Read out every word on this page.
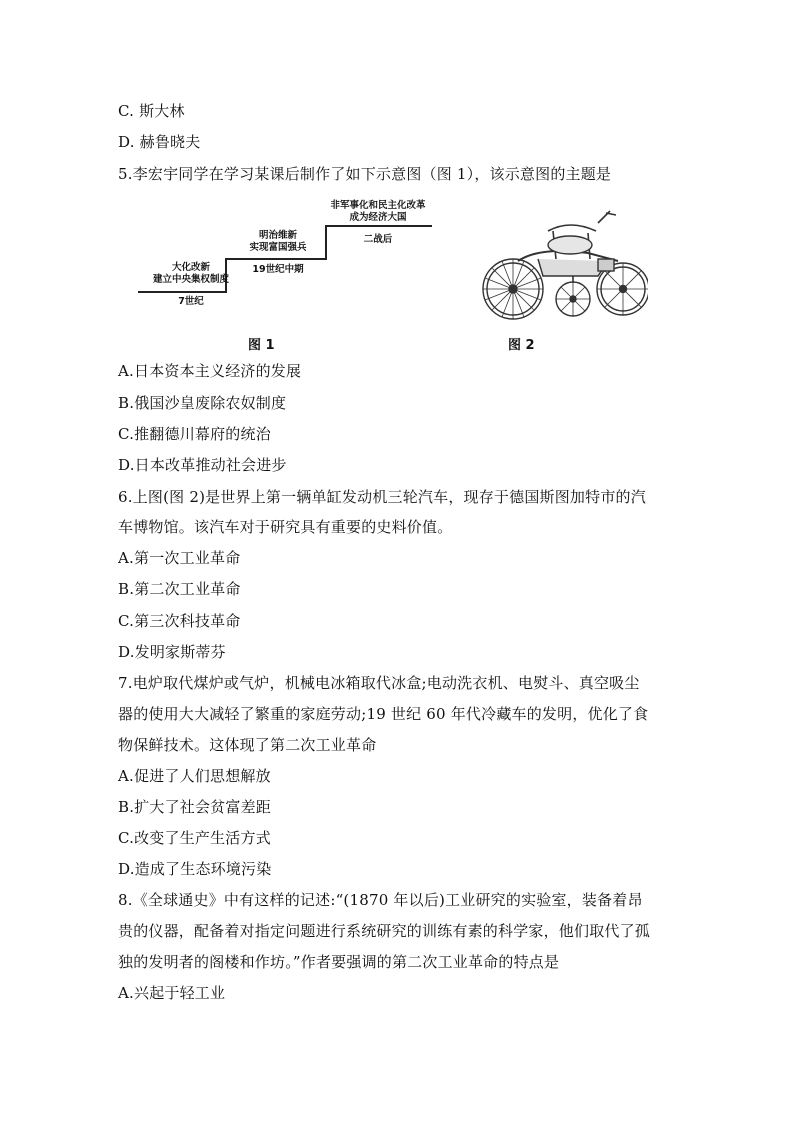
C. 斯大林
D. 赫鲁晓夫
5.李宏宇同学在学习某课后制作了如下示意图（图 1），该示意图的主题是
大化改新
建立中央集权制度
7世纪
明治维新
实现富国强兵
19世纪中期
非军事化和民主化改革
成为经济大国
二战后
图 1	图 2
A.日本资本主义经济的发展
B.俄国沙皇废除农奴制度
C.推翻德川幕府的统治
D.日本改革推动社会进步
6.上图(图 2)是世界上第一辆单缸发动机三轮汽车，现存于德国斯图加特市的汽
车博物馆。该汽车对于研究具有重要的史料价值。
A.第一次工业革命
B.第二次工业革命
C.第三次科技革命
D.发明家斯蒂芬
7.电炉取代煤炉或气炉，机械电冰箱取代冰盒;电动洗衣机、电熨斗、真空吸尘
器的使用大大减轻了繁重的家庭劳动;19 世纪 60 年代冷藏车的发明，优化了食
物保鲜技术。这体现了第二次工业革命
A.促进了人们思想解放
B.扩大了社会贫富差距
C.改变了生产生活方式
D.造成了生态环境污染
8.《全球通史》中有这样的记述:“(1870 年以后)工业研究的实验室，装备着昂
贵的仪器，配备着对指定问题进行系统研究的训练有素的科学家，他们取代了孤
独的发明者的阁楼和作坊。”作者要强调的第二次工业革命的特点是
A.兴起于轻工业
